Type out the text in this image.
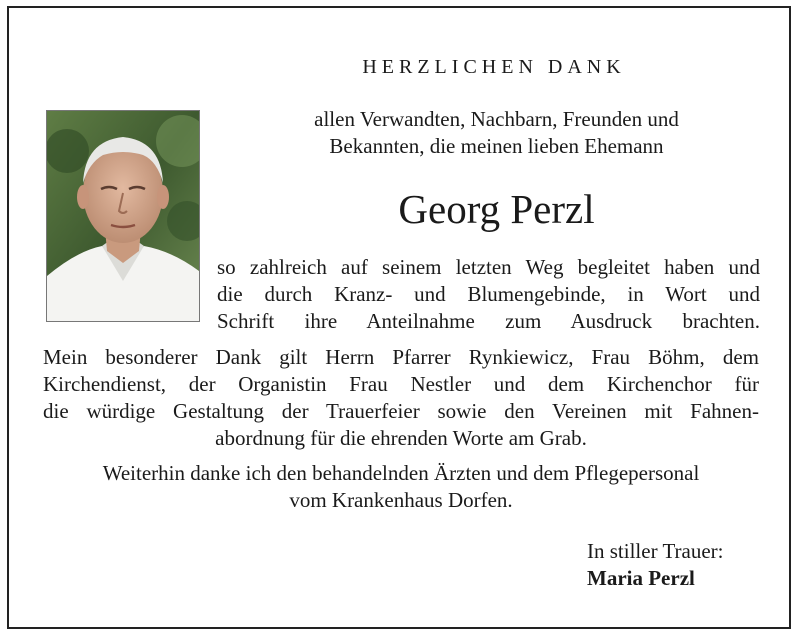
HERZLICHEN DANK
allen Verwandten, Nachbarn, Freunden und
Bekannten, die meinen lieben Ehemann
Georg Perzl
so zahlreich auf seinem letzten Weg begleitet haben und
die durch Kranz- und Blumengebinde, in Wort und
Schrift ihre Anteilnahme zum Ausdruck brachten.
Mein besonderer Dank gilt Herrn Pfarrer Rynkiewicz, Frau Böhm, dem
Kirchendienst, der Organistin Frau Nestler und dem Kirchenchor für
die würdige Gestaltung der Trauerfeier sowie den Vereinen mit Fahnen-
abordnung für die ehrenden Worte am Grab.
Weiterhin danke ich den behandelnden Ärzten und dem Pflegepersonal
vom Krankenhaus Dorfen.
In stiller Trauer:
Maria Perzl
